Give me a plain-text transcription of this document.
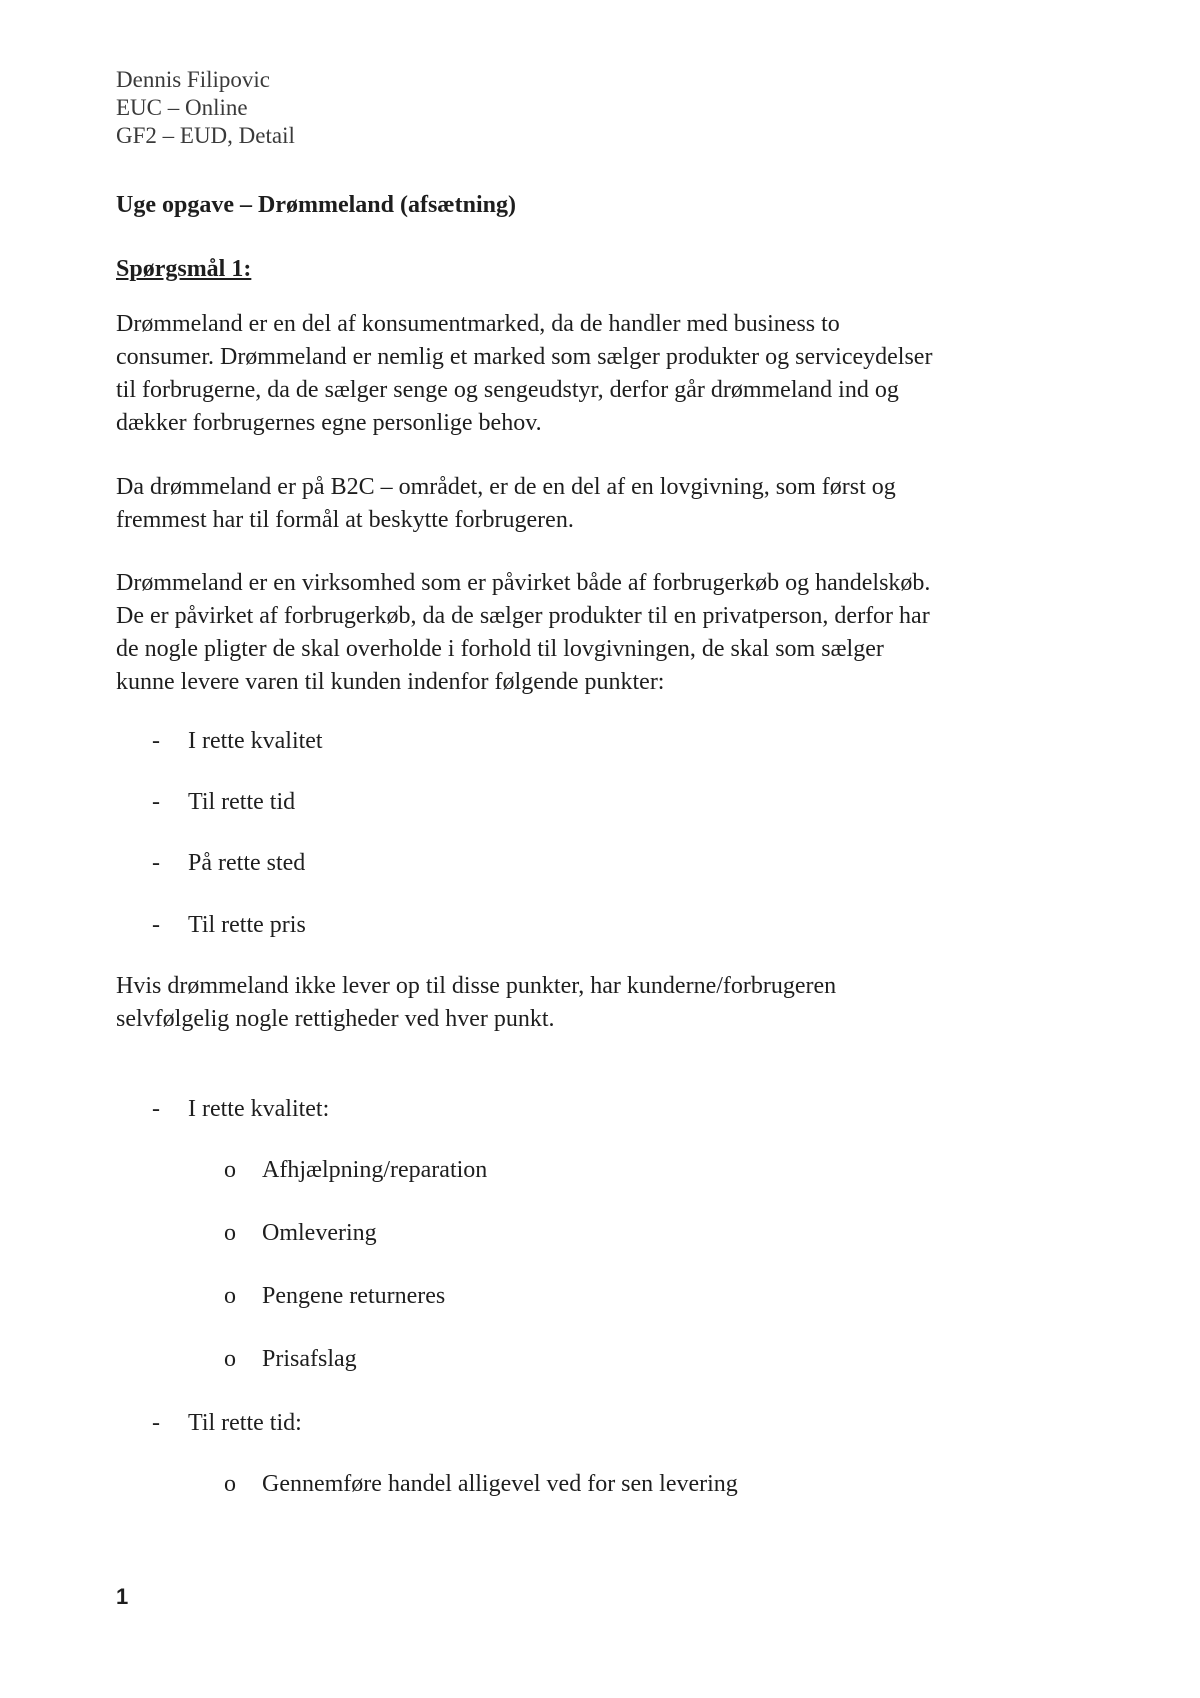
Dennis Filipovic

EUC – Online

GF2 – EUD, Detail

Uge opgave – Drømmeland (afsætning)

Spørgsmål 1:

Drømmeland er en del af konsumentmarked, da de handler med business to
consumer. Drømmeland er nemlig et marked som sælger produkter og serviceydelser
til forbrugerne, da de sælger senge og sengeudstyr, derfor går drømmeland ind og
dækker forbrugernes egne personlige behov.
Da drømmeland er på B2C – området, er de en del af en lovgivning, som først og
fremmest har til formål at beskytte forbrugeren.
Drømmeland er en virksomhed som er påvirket både af forbrugerkøb og handelskøb.
De er påvirket af forbrugerkøb, da de sælger produkter til en privatperson, derfor har
de nogle pligter de skal overholde i forhold til lovgivningen, de skal som sælger
kunne levere varen til kunden indenfor følgende punkter:
- I rette kvalitet
- Til rette tid
- På rette sted
- Til rette pris
Hvis drømmeland ikke lever op til disse punkter, har kunderne/forbrugeren
selvfølgelig nogle rettigheder ved hver punkt.
- I rette kvalitet:
o Afhjælpning/reparation
o Omlevering
o Pengene returneres
o Prisafslag
- Til rette tid:
o Gennemføre handel alligevel ved for sen levering
1
